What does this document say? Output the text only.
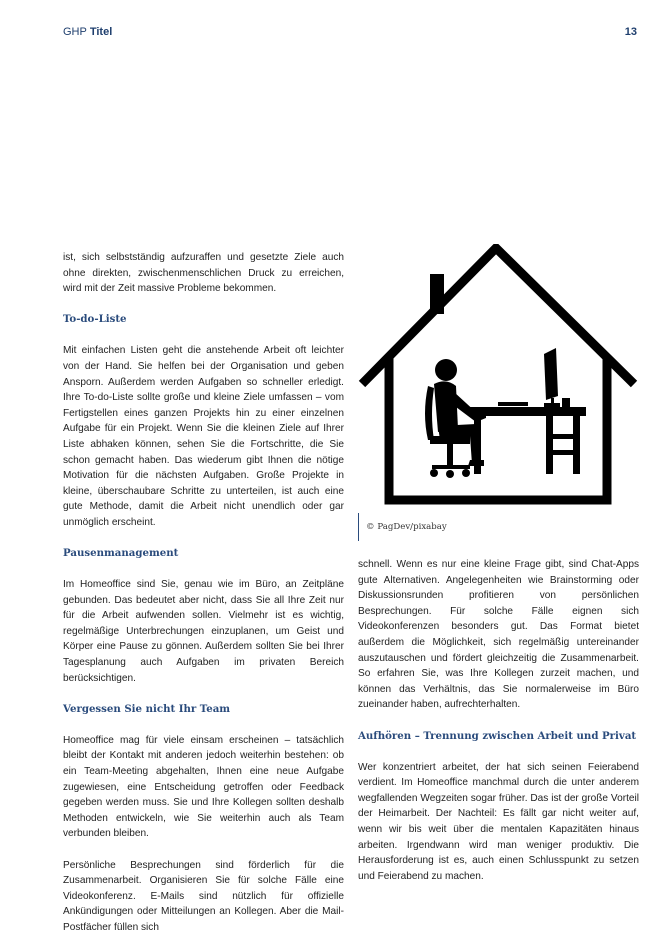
GHP Titel	13

ist, sich selbstständig aufzuraffen und gesetzte Ziele auch ohne direkten, zwischenmenschlichen Druck zu erreichen, wird mit der Zeit massive Probleme bekommen.

To-do-Liste

Mit einfachen Listen geht die anstehende Arbeit oft leichter von der Hand. Sie helfen bei der Organisation und geben Ansporn. Außerdem werden Aufgaben so schneller erledigt. Ihre To-do-Liste sollte große und kleine Ziele umfassen – vom Fertigstellen eines ganzen Projekts hin zu einer einzelnen Aufgabe für ein Projekt. Wenn Sie die kleinen Ziele auf Ihrer Liste abhaken können, sehen Sie die Fortschritte, die Sie schon gemacht haben. Das wiederum gibt Ihnen die nötige Motivation für die nächsten Aufgaben. Große Projekte in kleine, überschaubare Schritte zu unterteilen, ist auch eine gute Methode, damit die Arbeit nicht unendlich oder gar unmöglich erscheint.

Pausenmanagement

Im Homeoffice sind Sie, genau wie im Büro, an Zeitpläne gebunden. Das bedeutet aber nicht, dass Sie all Ihre Zeit nur für die Arbeit aufwenden sollen. Vielmehr ist es wichtig, regelmäßige Unterbrechungen einzuplanen, um Geist und Körper eine Pause zu gönnen. Außerdem sollten Sie bei Ihrer Tagesplanung auch Aufgaben im privaten Bereich berücksichtigen.

Vergessen Sie nicht Ihr Team

Homeoffice mag für viele einsam erscheinen – tatsächlich bleibt der Kontakt mit anderen jedoch weiterhin bestehen: ob ein Team-Meeting abgehalten, Ihnen eine neue Aufgabe zugewiesen, eine Entscheidung getroffen oder Feedback gegeben werden muss. Sie und Ihre Kollegen sollten deshalb Methoden entwickeln, wie Sie weiterhin auch als Team verbunden bleiben.

Persönliche Besprechungen sind förderlich für die Zusammenarbeit. Organisieren Sie für solche Fälle eine Videokonferenz. E-Mails sind nützlich für offizielle Ankündigungen oder Mitteilungen an Kollegen. Aber die Mail-Postfächer füllen sich

© PagDev/pixabay

schnell. Wenn es nur eine kleine Frage gibt, sind Chat-Apps gute Alternativen. Angelegenheiten wie Brainstorming oder Diskussionsrunden profitieren von persönlichen Besprechungen. Für solche Fälle eignen sich Videokonferenzen besonders gut. Das Format bietet außerdem die Möglichkeit, sich regelmäßig untereinander auszutauschen und fördert gleichzeitig die Zusammenarbeit. So erfahren Sie, was Ihre Kollegen zurzeit machen, und können das Verhältnis, das Sie normalerweise im Büro zueinander haben, aufrechterhalten.

Aufhören – Trennung zwischen Arbeit und Privat

Wer konzentriert arbeitet, der hat sich seinen Feierabend verdient. Im Homeoffice manchmal durch die unter anderem wegfallenden Wegzeiten sogar früher. Das ist der große Vorteil der Heimarbeit. Der Nachteil: Es fällt gar nicht weiter auf, wenn wir bis weit über die mentalen Kapazitäten hinaus arbeiten. Irgendwann wird man weniger produktiv. Die Herausforderung ist es, auch einen Schlusspunkt zu setzen und Feierabend zu machen.
